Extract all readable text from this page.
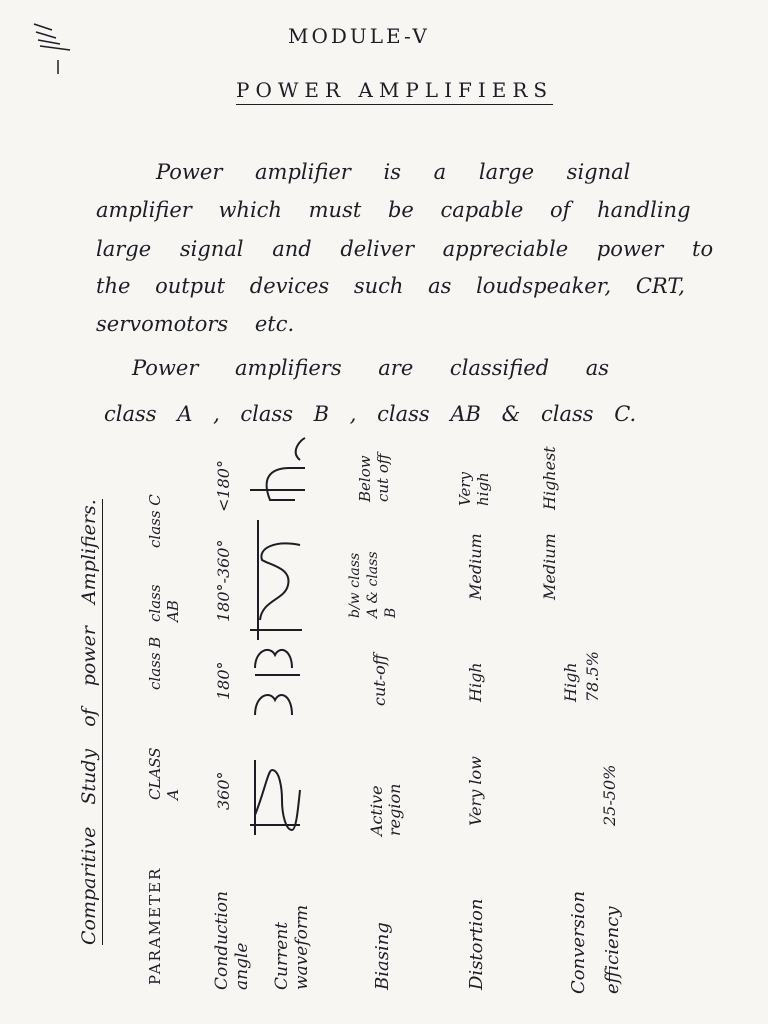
MODULE-V
POWER AMPLIFIERS
Power amplifier is a large signal
amplifier which must be capable of handling
large signal and deliver appreciable power to
the output devices such as loudspeaker, CRT,
servomotors etc.
Power amplifiers are classified as
class A , class B , class AB & class C.
Comparitive Study of power Amplifiers.	PARAMETER
CLASS A
class B
class AB
class C
Conduction angle
360°
180°
180°-360°
<180°
Current waveform	Biasing
Active region
cut-off
b/w class A & class B
Below cut off
Distortion
Very low
High
Medium
Very high
Conversion efficiency
25-50%
High 78.5%
Medium
Highest
